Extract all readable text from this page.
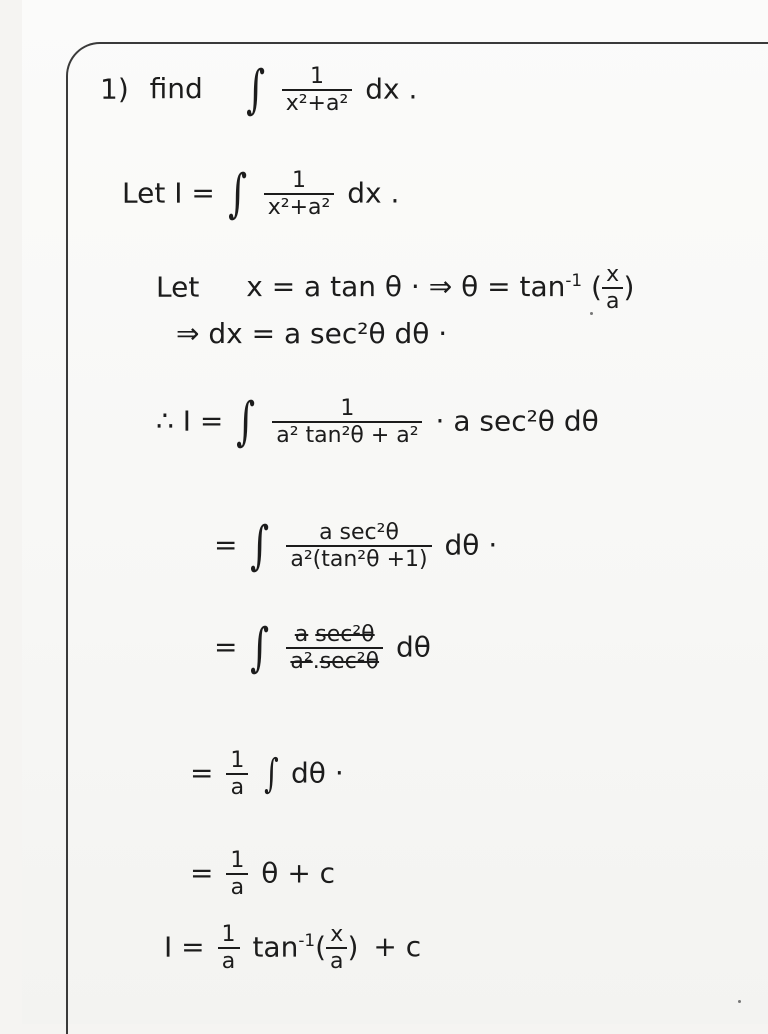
1) find ∫ $\frac{1}{\text{x²+a²}}$ dx .
Let I = ∫ $\frac{1}{\text{x²+a²}}$ dx .
Let x = a tan θ · ⇒ $\theta = \tan^{-1}$ ( $\frac{x}{a}$ )
⇒ dx = a sec²θ dθ ·
∴ I = ∫ $\frac{1}{\text{a² tan²θ + a²}} \cdot a$ sec²θ dθ
= ∫ $\frac{\text{a sec²θ}}{\text{a²(tan²θ +1)}}$ dθ ·
= ∫ $\frac{\text{a sec²θ}}{\text{a².sec²θ}}$ dθ
= $\frac{1}{a}$ ∫ dθ ·
= $\frac{1}{a}$ θ + c
$I = \frac{1}{a} \tan^{-1}( \frac{x}{a}$ ) + c
